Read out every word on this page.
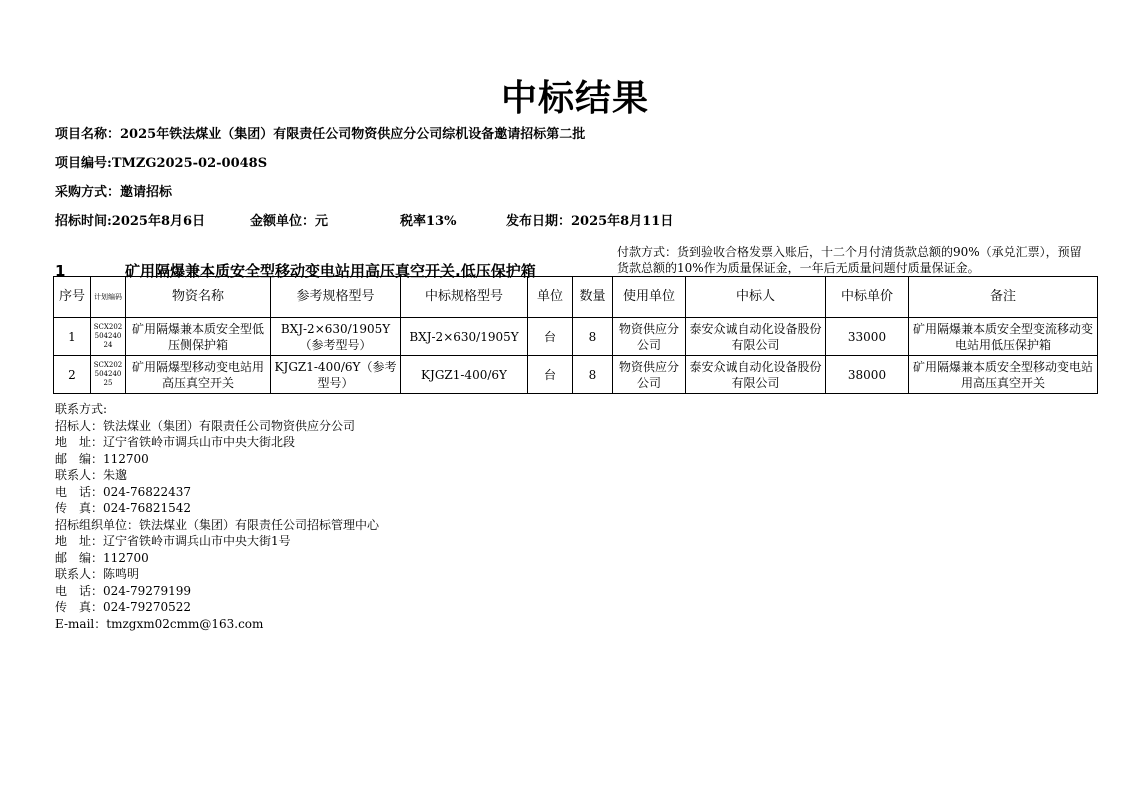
中标结果
项目名称：2025年铁法煤业（集团）有限责任公司物资供应分公司综机设备邀请招标第二批
项目编号:TMZG2025-02-0048S
采购方式：邀请招标
招标时间:2025年8月6日	金额单位：元	税率13%	发布日期：2025年8月11日
1	矿用隔爆兼本质安全型移动变电站用高压真空开关.低压保护箱
付款方式：货到验收合格发票入账后，十二个月付清货款总额的90%（承兑汇票），预留货款总额的10%作为质量保证金，一年后无质量问题付质量保证金。
序号	计划编码	物资名称	参考规格型号	中标规格型号	单位	数量	使用单位	中标人	中标单价	备注
1	SCX20250424024	矿用隔爆兼本质安全型低压侧保护箱	BXJ-2×630/1905Y（参考型号）	BXJ-2×630/1905Y	台	8	物资供应分公司	泰安众诚自动化设备股份有限公司	33000	矿用隔爆兼本质安全型变流移动变电站用低压保护箱
2	SCX20250424025	矿用隔爆型移动变电站用高压真空开关	KJGZ1-400/6Y（参考型号）	KJGZ1-400/6Y	台	8	物资供应分公司	泰安众诚自动化设备股份有限公司	38000	矿用隔爆兼本质安全型移动变电站用高压真空开关
联系方式:
招标人：铁法煤业（集团）有限责任公司物资供应分公司
地　址：辽宁省铁岭市调兵山市中央大街北段
邮　编：112700
联系人：朱邈
电　话：024-76822437
传　真：024-76821542
招标组织单位：铁法煤业（集团）有限责任公司招标管理中心
地　址：辽宁省铁岭市调兵山市中央大街1号
邮　编：112700
联系人：陈鸣明
电　话：024-79279199
传　真：024-79270522
E-mail：tmzgxm02cmm@163.com
